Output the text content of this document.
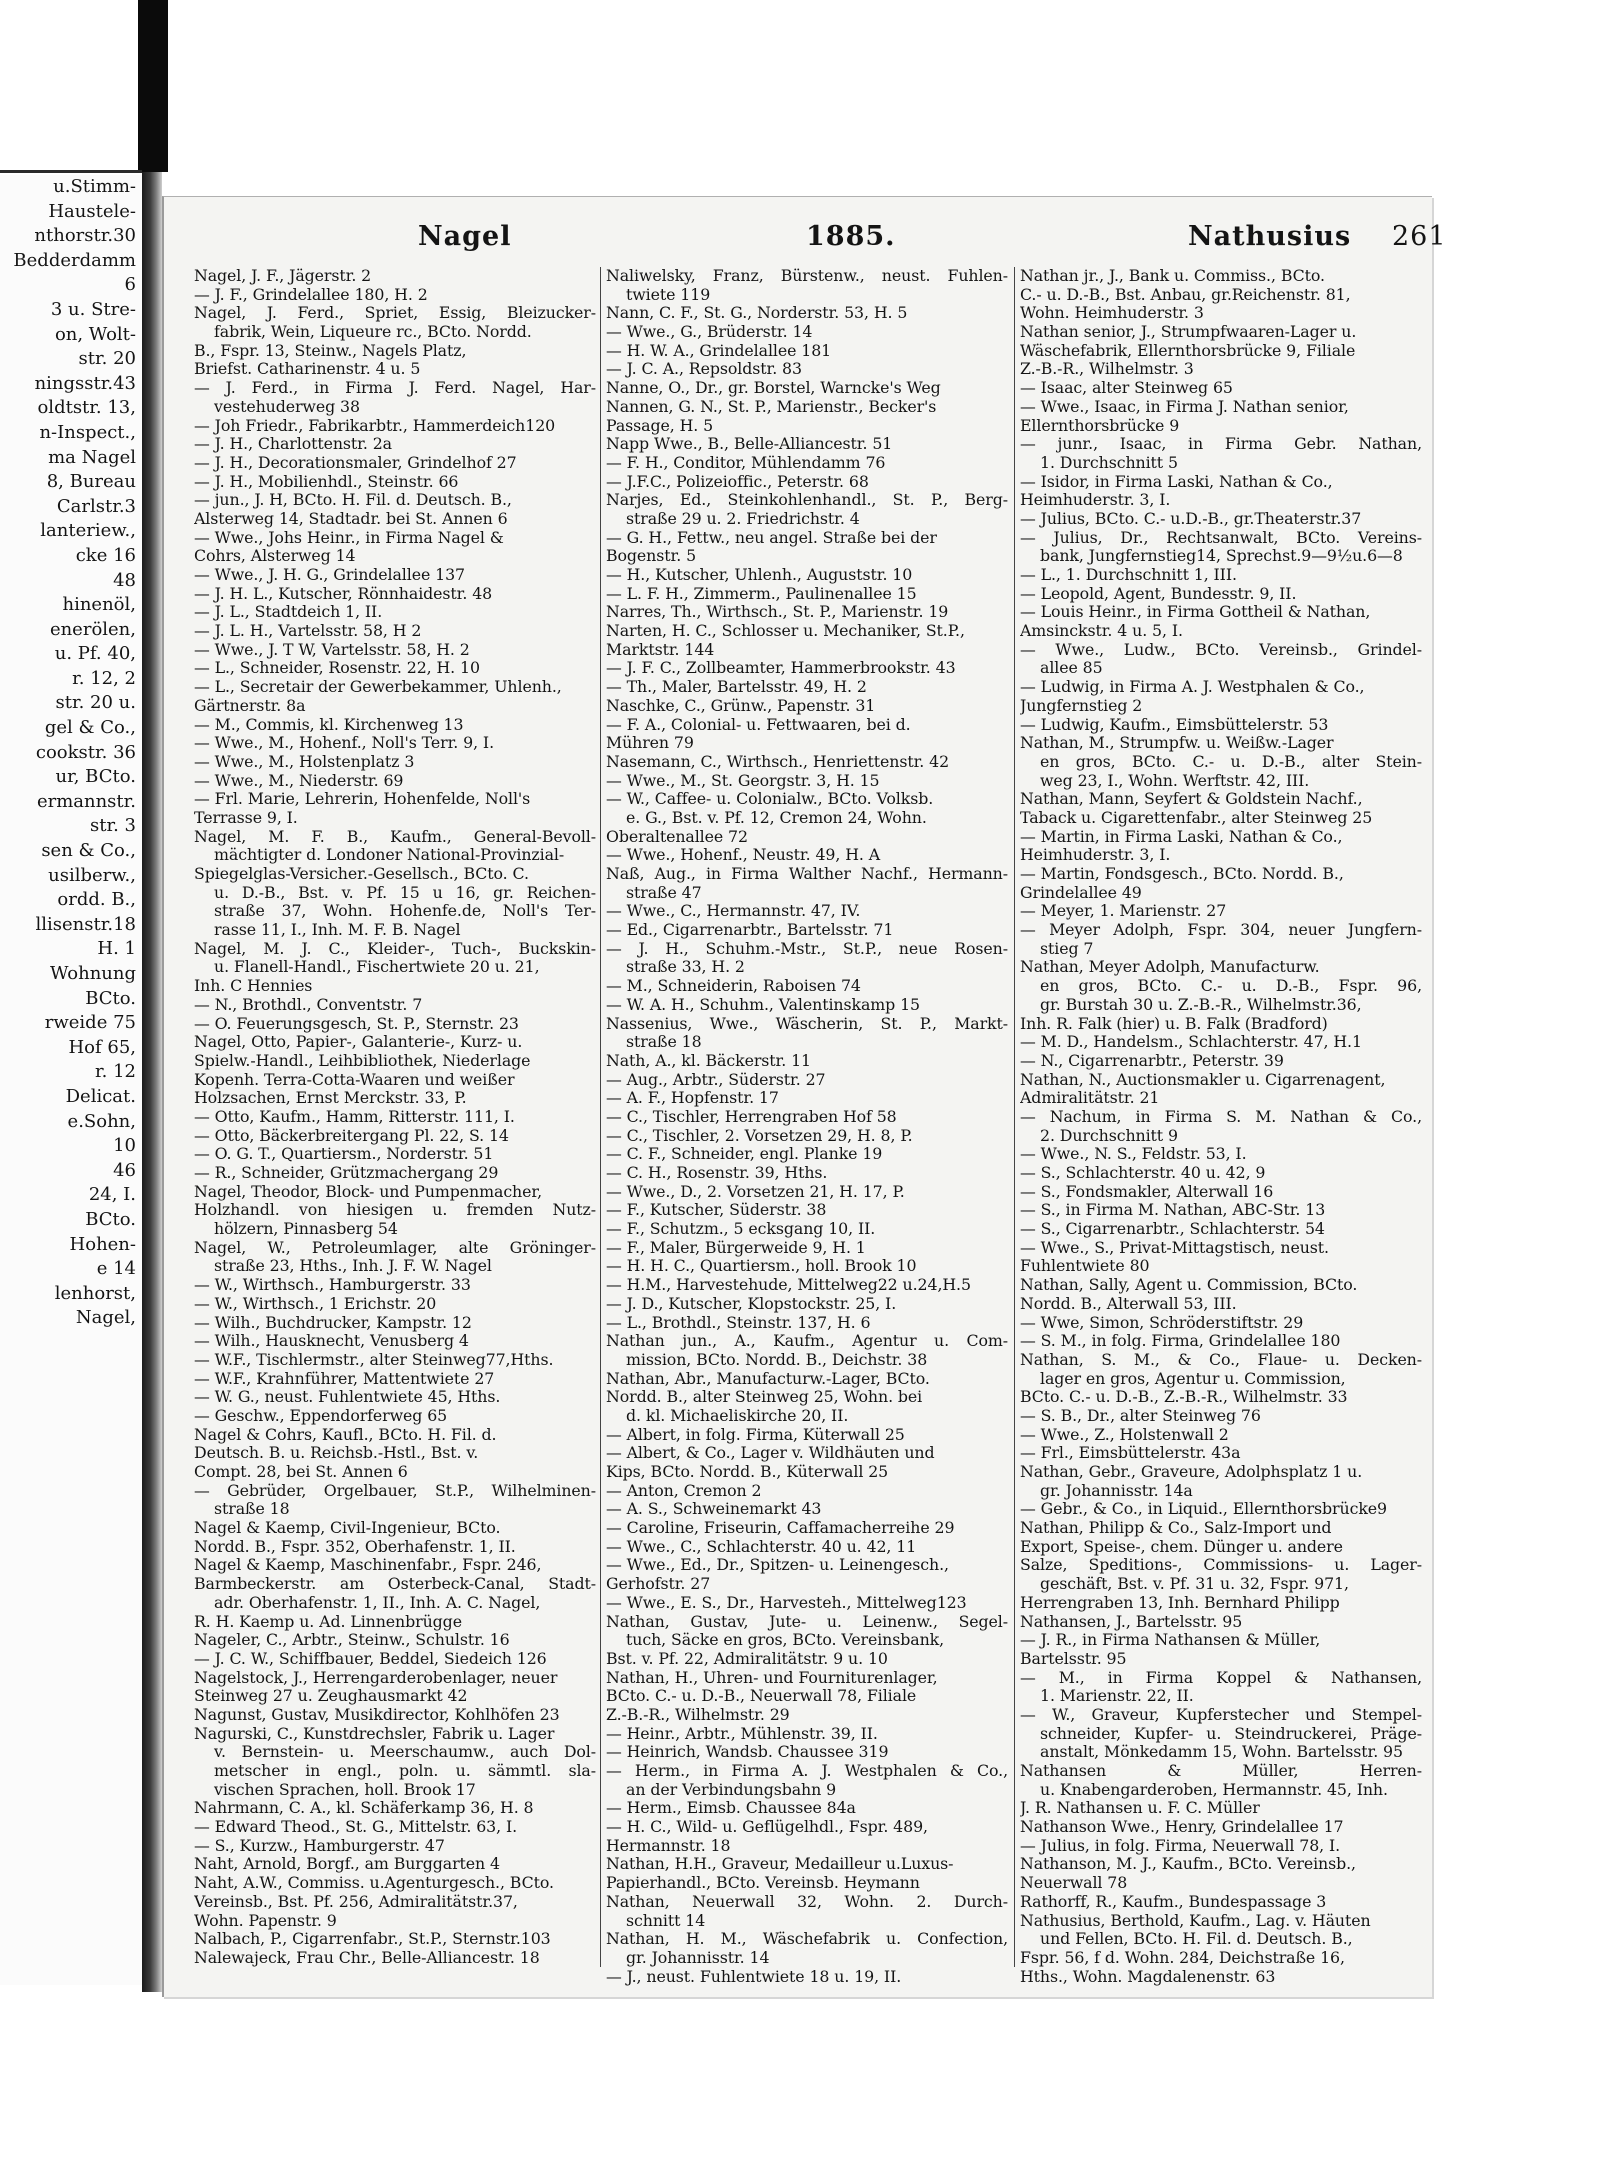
u.Stimm-
Haustele-
nthorstr.30
Bedderdamm
6
3 u. Stre-
on, Wolt-
str. 20
ningsstr.43
oldtstr. 13,
n-Inspect.,
ma Nagel
8, Bureau
Carlstr.3
lanteriew.,
cke 16
48
hinenöl,
enerölen,
u. Pf. 40,
r. 12, 2
str. 20 u.
gel & Co.,
cookstr. 36
ur, BCto.
ermannstr.
str. 3
sen & Co.,
usilberw.,
ordd. B.,
llisenstr.18
H. 1
Wohnung
BCto.
rweide 75
Hof 65,
r. 12
Delicat.
e.Sohn,
10
46
24, I.
BCto.
Hohen-
e 14
lenhorst,
Nagel,
Nagel	1885.	Nathusius 261
Nagel, J. F., Jägerstr. 2
— J. F., Grindelallee 180, H. 2
Nagel, J. Ferd., Spriet, Essig, Bleizucker-
fabrik, Wein, Liqueure rc., BCto. Nordd.
B., Fspr. 13, Steinw., Nagels Platz,
Briefst. Catharinenstr. 4 u. 5
— J. Ferd., in Firma J. Ferd. Nagel, Har-
vestehuderweg 38
— Joh Friedr., Fabrikarbtr., Hammerdeich120
— J. H., Charlottenstr. 2a
— J. H., Decorationsmaler, Grindelhof 27
— J. H., Mobilienhdl., Steinstr. 66
— jun., J. H, BCto. H. Fil. d. Deutsch. B.,
Alsterweg 14, Stadtadr. bei St. Annen 6
— Wwe., Johs Heinr., in Firma Nagel &
Cohrs, Alsterweg 14
— Wwe., J. H. G., Grindelallee 137
— J. H. L., Kutscher, Rönnhaidestr. 48
— J. L., Stadtdeich 1, II.
— J. L. H., Vartelsstr. 58, H 2
— Wwe., J. T W, Vartelsstr. 58, H. 2
— L., Schneider, Rosenstr. 22, H. 10
— L., Secretair der Gewerbekammer, Uhlenh.,
Gärtnerstr. 8a
— M., Commis, kl. Kirchenweg 13
— Wwe., M., Hohenf., Noll's Terr. 9, I.
— Wwe., M., Holstenplatz 3
— Wwe., M., Niederstr. 69
— Frl. Marie, Lehrerin, Hohenfelde, Noll's
Terrasse 9, I.
Nagel, M. F. B., Kaufm., General-Bevoll-
mächtigter d. Londoner National-Provinzial-
Spiegelglas-Versicher.-Gesellsch., BCto. C.
u. D.-B., Bst. v. Pf. 15 u 16, gr. Reichen-
straße 37, Wohn. Hohenfe.de, Noll's Ter-
rasse 11, I., Inh. M. F. B. Nagel
Nagel, M. J. C., Kleider-, Tuch-, Buckskin-
u. Flanell-Handl., Fischertwiete 20 u. 21,
Inh. C Hennies
— N., Brothdl., Conventstr. 7
— O. Feuerungsgesch, St. P., Sternstr. 23
Nagel, Otto, Papier-, Galanterie-, Kurz- u.
Spielw.-Handl., Leihbibliothek, Niederlage
Kopenh. Terra-Cotta-Waaren und weißer
Holzsachen, Ernst Merckstr. 33, P.
— Otto, Kaufm., Hamm, Ritterstr. 111, I.
— Otto, Bäckerbreitergang Pl. 22, S. 14
— O. G. T., Quartiersm., Norderstr. 51
— R., Schneider, Grützmachergang 29
Nagel, Theodor, Block- und Pumpenmacher,
Holzhandl. von hiesigen u. fremden Nutz-
hölzern, Pinnasberg 54
Nagel, W., Petroleumlager, alte Gröninger-
straße 23, Hths., Inh. J. F. W. Nagel
— W., Wirthsch., Hamburgerstr. 33
— W., Wirthsch., 1 Erichstr. 20
— Wilh., Buchdrucker, Kampstr. 12
— Wilh., Hausknecht, Venusberg 4
— W.F., Tischlermstr., alter Steinweg77,Hths.
— W.F., Krahnführer, Mattentwiete 27
— W. G., neust. Fuhlentwiete 45, Hths.
— Geschw., Eppendorferweg 65
Nagel & Cohrs, Kaufl., BCto. H. Fil. d.
Deutsch. B. u. Reichsb.-Hstl., Bst. v.
Compt. 28, bei St. Annen 6
— Gebrüder, Orgelbauer, St.P., Wilhelminen-
straße 18
Nagel & Kaemp, Civil-Ingenieur, BCto.
Nordd. B., Fspr. 352, Oberhafenstr. 1, II.
Nagel & Kaemp, Maschinenfabr., Fspr. 246,
Barmbeckerstr. am Osterbeck-Canal, Stadt-
adr. Oberhafenstr. 1, II., Inh. A. C. Nagel,
R. H. Kaemp u. Ad. Linnenbrügge
Nageler, C., Arbtr., Steinw., Schulstr. 16
— J. C. W., Schiffbauer, Beddel, Siedeich 126
Nagelstock, J., Herrengarderobenlager, neuer
Steinweg 27 u. Zeughausmarkt 42
Nagunst, Gustav, Musikdirector, Kohlhöfen 23
Nagurski, C., Kunstdrechsler, Fabrik u. Lager
v. Bernstein- u. Meerschaumw., auch Dol-
metscher in engl., poln. u. sämmtl. sla-
vischen Sprachen, holl. Brook 17
Nahrmann, C. A., kl. Schäferkamp 36, H. 8
— Edward Theod., St. G., Mittelstr. 63, I.
— S., Kurzw., Hamburgerstr. 47
Naht, Arnold, Borgf., am Burggarten 4
Naht, A.W., Commiss. u.Agenturgesch., BCto.
Vereinsb., Bst. Pf. 256, Admiralitätstr.37,
Wohn. Papenstr. 9
Nalbach, P., Cigarrenfabr., St.P., Sternstr.103
Nalewajeck, Frau Chr., Belle-Alliancestr. 18
Naliwelsky, Franz, Bürstenw., neust. Fuhlen-
twiete 119
Nann, C. F., St. G., Norderstr. 53, H. 5
— Wwe., G., Brüderstr. 14
— H. W. A., Grindelallee 181
— J. C. A., Repsoldstr. 83
Nanne, O., Dr., gr. Borstel, Warncke's Weg
Nannen, G. N., St. P., Marienstr., Becker's
Passage, H. 5
Napp Wwe., B., Belle-Alliancestr. 51
— F. H., Conditor, Mühlendamm 76
— J.F.C., Polizeioffic., Peterstr. 68
Narjes, Ed., Steinkohlenhandl., St. P., Berg-
straße 29 u. 2. Friedrichstr. 4
— G. H., Fettw., neu angel. Straße bei der
Bogenstr. 5
— H., Kutscher, Uhlenh., Auguststr. 10
— L. F. H., Zimmerm., Paulinenallee 15
Narres, Th., Wirthsch., St. P., Marienstr. 19
Narten, H. C., Schlosser u. Mechaniker, St.P.,
Marktstr. 144
— J. F. C., Zollbeamter, Hammerbrookstr. 43
— Th., Maler, Bartelsstr. 49, H. 2
Naschke, C., Grünw., Papenstr. 31
— F. A., Colonial- u. Fettwaaren, bei d.
Mühren 79
Nasemann, C., Wirthsch., Henriettenstr. 42
— Wwe., M., St. Georgstr. 3, H. 15
— W., Caffee- u. Colonialw., BCto. Volksb.
e. G., Bst. v. Pf. 12, Cremon 24, Wohn.
Oberaltenallee 72
— Wwe., Hohenf., Neustr. 49, H. A
Naß, Aug., in Firma Walther Nachf., Hermann-
straße 47
— Wwe., C., Hermannstr. 47, IV.
— Ed., Cigarrenarbtr., Bartelsstr. 71
— J. H., Schuhm.-Mstr., St.P., neue Rosen-
straße 33, H. 2
— M., Schneiderin, Raboisen 74
— W. A. H., Schuhm., Valentinskamp 15
Nassenius, Wwe., Wäscherin, St. P., Markt-
straße 18
Nath, A., kl. Bäckerstr. 11
— Aug., Arbtr., Süderstr. 27
— A. F., Hopfenstr. 17
— C., Tischler, Herrengraben Hof 58
— C., Tischler, 2. Vorsetzen 29, H. 8, P.
— C. F., Schneider, engl. Planke 19
— C. H., Rosenstr. 39, Hths.
— Wwe., D., 2. Vorsetzen 21, H. 17, P.
— F., Kutscher, Süderstr. 38
— F., Schutzm., 5 ecksgang 10, II.
— F., Maler, Bürgerweide 9, H. 1
— H. H. C., Quartiersm., holl. Brook 10
— H.M., Harvestehude, Mittelweg22 u.24,H.5
— J. D., Kutscher, Klopstockstr. 25, I.
— L., Brothdl., Steinstr. 137, H. 6
Nathan jun., A., Kaufm., Agentur u. Com-
mission, BCto. Nordd. B., Deichstr. 38
Nathan, Abr., Manufacturw.-Lager, BCto.
Nordd. B., alter Steinweg 25, Wohn. bei
d. kl. Michaeliskirche 20, II.
— Albert, in folg. Firma, Küterwall 25
— Albert, & Co., Lager v. Wildhäuten und
Kips, BCto. Nordd. B., Küterwall 25
— Anton, Cremon 2
— A. S., Schweinemarkt 43
— Caroline, Friseurin, Caffamacherreihe 29
— Wwe., C., Schlachterstr. 40 u. 42, 11
— Wwe., Ed., Dr., Spitzen- u. Leinengesch.,
Gerhofstr. 27
— Wwe., E. S., Dr., Harvesteh., Mittelweg123
Nathan, Gustav, Jute- u. Leinenw., Segel-
tuch, Säcke en gros, BCto. Vereinsbank,
Bst. v. Pf. 22, Admiralitätstr. 9 u. 10
Nathan, H., Uhren- und Fourniturenlager,
BCto. C.- u. D.-B., Neuerwall 78, Filiale
Z.-B.-R., Wilhelmstr. 29
— Heinr., Arbtr., Mühlenstr. 39, II.
— Heinrich, Wandsb. Chaussee 319
— Herm., in Firma A. J. Westphalen & Co.,
an der Verbindungsbahn 9
— Herm., Eimsb. Chaussee 84a
— H. C., Wild- u. Geflügelhdl., Fspr. 489,
Hermannstr. 18
Nathan, H.H., Graveur, Medailleur u.Luxus-
Papierhandl., BCto. Vereinsb. Heymann
Nathan, Neuerwall 32, Wohn. 2. Durch-
schnitt 14
Nathan, H. M., Wäschefabrik u. Confection,
gr. Johannisstr. 14
— J., neust. Fuhlentwiete 18 u. 19, II.
Nathan jr., J., Bank u. Commiss., BCto.
C.- u. D.-B., Bst. Anbau, gr.Reichenstr. 81,
Wohn. Heimhuderstr. 3
Nathan senior, J., Strumpfwaaren-Lager u.
Wäschefabrik, Ellernthorsbrücke 9, Filiale
Z.-B.-R., Wilhelmstr. 3
— Isaac, alter Steinweg 65
— Wwe., Isaac, in Firma J. Nathan senior,
Ellernthorsbrücke 9
— junr., Isaac, in Firma Gebr. Nathan,
1. Durchschnitt 5
— Isidor, in Firma Laski, Nathan & Co.,
Heimhuderstr. 3, I.
— Julius, BCto. C.- u.D.-B., gr.Theaterstr.37
— Julius, Dr., Rechtsanwalt, BCto. Vereins-
bank, Jungfernstieg14, Sprechst.9—9½u.6—8
— L., 1. Durchschnitt 1, III.
— Leopold, Agent, Bundesstr. 9, II.
— Louis Heinr., in Firma Gottheil & Nathan,
Amsinckstr. 4 u. 5, I.
— Wwe., Ludw., BCto. Vereinsb., Grindel-
allee 85
— Ludwig, in Firma A. J. Westphalen & Co.,
Jungfernstieg 2
— Ludwig, Kaufm., Eimsbüttelerstr. 53
Nathan, M., Strumpfw. u. Weißw.-Lager
en gros, BCto. C.- u. D.-B., alter Stein-
weg 23, I., Wohn. Werftstr. 42, III.
Nathan, Mann, Seyfert & Goldstein Nachf.,
Taback u. Cigarettenfabr., alter Steinweg 25
— Martin, in Firma Laski, Nathan & Co.,
Heimhuderstr. 3, I.
— Martin, Fondsgesch., BCto. Nordd. B.,
Grindelallee 49
— Meyer, 1. Marienstr. 27
— Meyer Adolph, Fspr. 304, neuer Jungfern-
stieg 7
Nathan, Meyer Adolph, Manufacturw.
en gros, BCto. C.- u. D.-B., Fspr. 96,
gr. Burstah 30 u. Z.-B.-R., Wilhelmstr.36,
Inh. R. Falk (hier) u. B. Falk (Bradford)
— M. D., Handelsm., Schlachterstr. 47, H.1
— N., Cigarrenarbtr., Peterstr. 39
Nathan, N., Auctionsmakler u. Cigarrenagent,
Admiralitätstr. 21
— Nachum, in Firma S. M. Nathan & Co.,
2. Durchschnitt 9
— Wwe., N. S., Feldstr. 53, I.
— S., Schlachterstr. 40 u. 42, 9
— S., Fondsmakler, Alterwall 16
— S., in Firma M. Nathan, ABC-Str. 13
— S., Cigarrenarbtr., Schlachterstr. 54
— Wwe., S., Privat-Mittagstisch, neust.
Fuhlentwiete 80
Nathan, Sally, Agent u. Commission, BCto.
Nordd. B., Alterwall 53, III.
— Wwe, Simon, Schröderstiftstr. 29
— S. M., in folg. Firma, Grindelallee 180
Nathan, S. M., & Co., Flaue- u. Decken-
lager en gros, Agentur u. Commission,
BCto. C.- u. D.-B., Z.-B.-R., Wilhelmstr. 33
— S. B., Dr., alter Steinweg 76
— Wwe., Z., Holstenwall 2
— Frl., Eimsbüttelerstr. 43a
Nathan, Gebr., Graveure, Adolphsplatz 1 u.
gr. Johannisstr. 14a
— Gebr., & Co., in Liquid., Ellernthorsbrücke9
Nathan, Philipp & Co., Salz-Import und
Export, Speise-, chem. Dünger u. andere
Salze, Speditions-, Commissions- u. Lager-
geschäft, Bst. v. Pf. 31 u. 32, Fspr. 971,
Herrengraben 13, Inh. Bernhard Philipp
Nathansen, J., Bartelsstr. 95
— J. R., in Firma Nathansen & Müller,
Bartelsstr. 95
— M., in Firma Koppel & Nathansen,
1. Marienstr. 22, II.
— W., Graveur, Kupferstecher und Stempel-
schneider, Kupfer- u. Steindruckerei, Präge-
anstalt, Mönkedamm 15, Wohn. Bartelsstr. 95
Nathansen & Müller, Herren-
u. Knabengarderoben, Hermannstr. 45, Inh.
J. R. Nathansen u. F. C. Müller
Nathanson Wwe., Henry, Grindelallee 17
— Julius, in folg. Firma, Neuerwall 78, I.
Nathanson, M. J., Kaufm., BCto. Vereinsb.,
Neuerwall 78
Rathorff, R., Kaufm., Bundespassage 3
Nathusius, Berthold, Kaufm., Lag. v. Häuten
und Fellen, BCto. H. Fil. d. Deutsch. B.,
Fspr. 56, f d. Wohn. 284, Deichstraße 16,
Hths., Wohn. Magdalenenstr. 63
